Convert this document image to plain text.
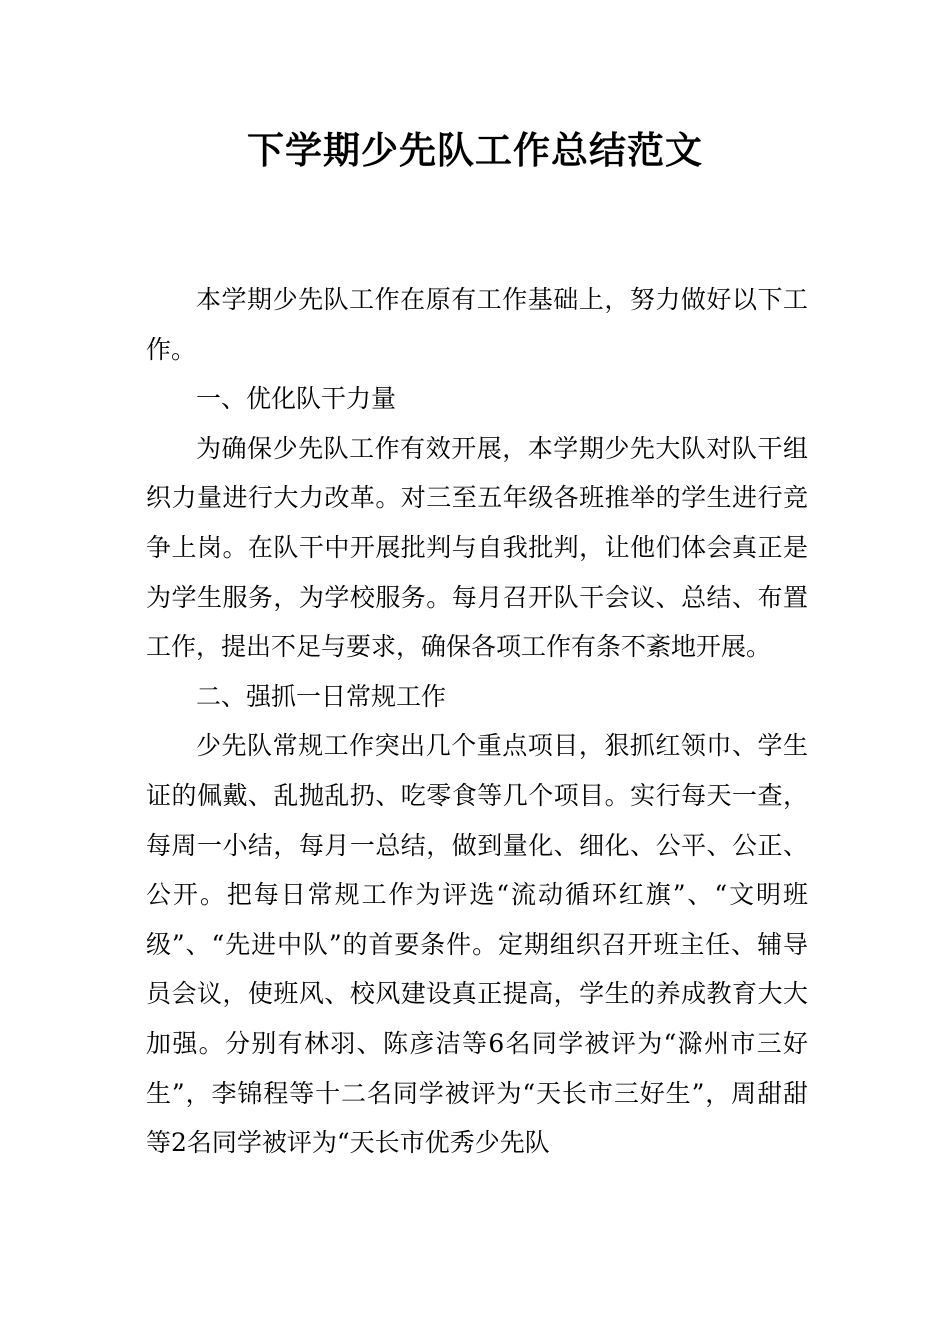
下学期少先队工作总结范文

本学期少先队工作在原有工作基础上，努力做好以下工作。

一、优化队干力量

为确保少先队工作有效开展，本学期少先大队对队干组织力量进行大力改革。对三至五年级各班推举的学生进行竞争上岗。在队干中开展批判与自我批判，让他们体会真正是为学生服务，为学校服务。每月召开队干会议、总结、布置工作，提出不足与要求，确保各项工作有条不紊地开展。

二、强抓一日常规工作

少先队常规工作突出几个重点项目，狠抓红领巾、学生证的佩戴、乱抛乱扔、吃零食等几个项目。实行每天一查，每周一小结，每月一总结，做到量化、细化、公平、公正、公开。把每日常规工作为评选“流动循环红旗”、“文明班级”、“先进中队”的首要条件。定期组织召开班主任、辅导员会议，使班风、校风建设真正提高，学生的养成教育大大加强。分别有林羽、陈彦洁等6名同学被评为“滁州市三好生”，李锦程等十二名同学被评为“天长市三好生”，周甜甜等2名同学被评为“天长市优秀少先队
